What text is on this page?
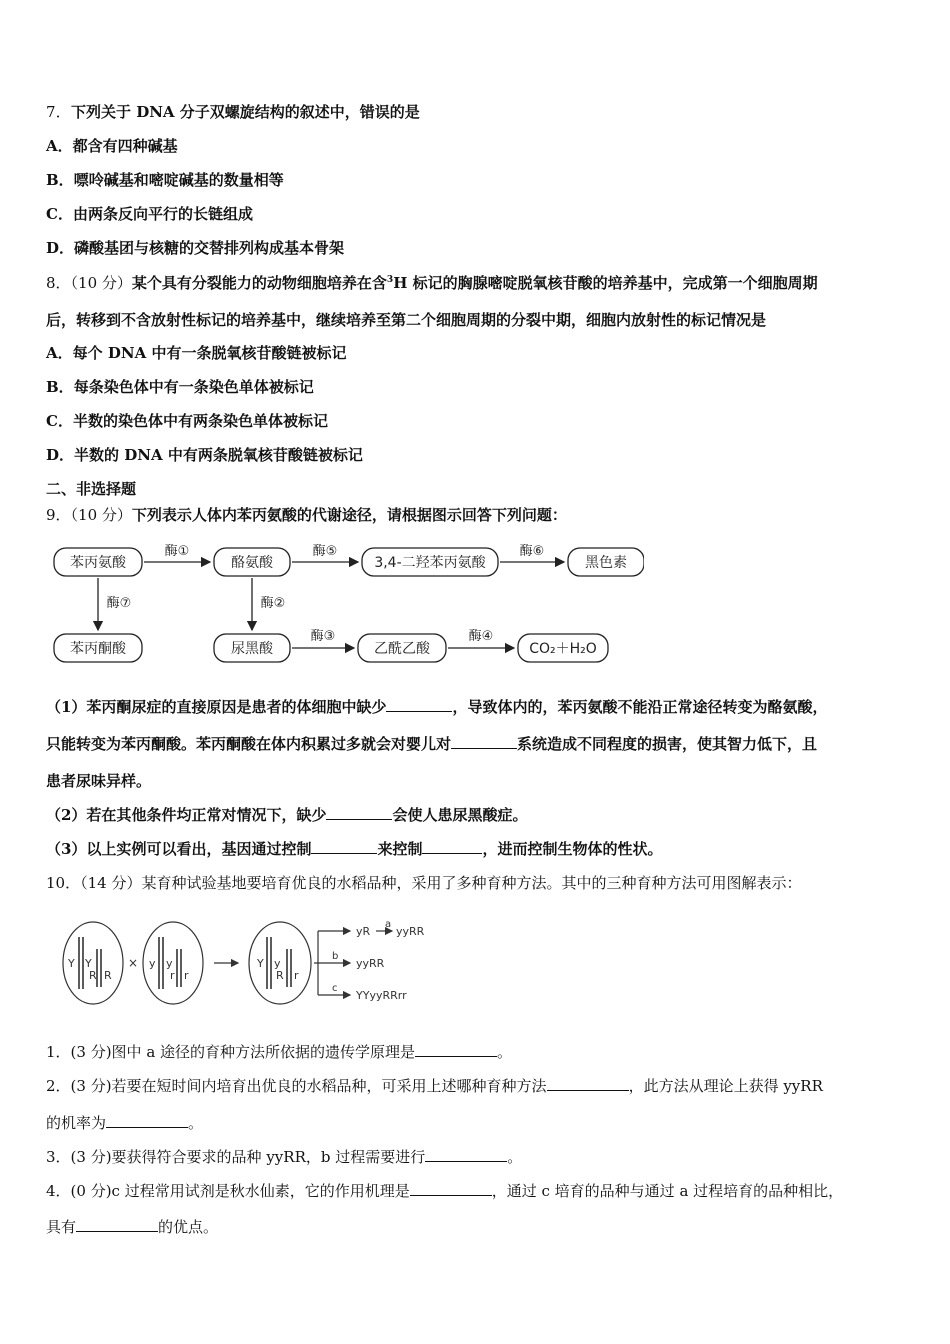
7．下列关于 DNA 分子双螺旋结构的叙述中，错误的是
A．都含有四种碱基
B．嘌呤碱基和嘧啶碱基的数量相等
C．由两条反向平行的长链组成
D．磷酸基团与核糖的交替排列构成基本骨架
8．（10 分）某个具有分裂能力的动物细胞培养在含$^3$H 标记的胸腺嘧啶脱氧核苷酸的培养基中，完成第一个细胞周期
后，转移到不含放射性标记的培养基中，继续培养至第二个细胞周期的分裂中期，细胞内放射性的标记情况是
A．每个 DNA 中有一条脱氧核苷酸链被标记
B．每条染色体中有一条染色单体被标记
C．半数的染色体中有两条染色单体被标记
D．半数的 DNA 中有两条脱氧核苷酸链被标记
二、非选择题
9．（10 分）下列表示人体内苯丙氨酸的代谢途径，请根据图示回答下列问题：
苯丙氨酸	酪氨酸	3,4-二羟苯丙氨酸	黑色素
苯丙酮酸	尿黑酸	乙酰乙酸	CO₂＋H₂O
酶①	酶⑤	酶⑥
酶⑦	酶②
酶③	酶④
（1）苯丙酮尿症的直接原因是患者的体细胞中缺少	，导致体内的，苯丙氨酸不能沿正常途径转变为酪氨酸，
只能转变为苯丙酮酸。苯丙酮酸在体内积累过多就会对婴儿对	系统造成不同程度的损害，使其智力低下，且
患者尿味异样。
（2）若在其他条件均正常对情况下，缺少	会使人患尿黑酸症。
（3）以上实例可以看出，基因通过控制	来控制	，进而控制生物体的性状。
10．（14 分）某育种试验基地要培育优良的水稻品种，采用了多种育种方法。其中的三种育种方法可用图解表示：
Y Y
R R
y y
r r
Y y
R r
×
a
b
c
yR yyRR
yyRR
YYyyRRrr
1．(3 分)图中 a 途径的育种方法所依据的遗传学原理是	。
2．(3 分)若要在短时间内培育出优良的水稻品种，可采用上述哪种育种方法	，此方法从理论上获得 yyRR
的机率为	。
3．(3 分)要获得符合要求的品种 yyRR，b 过程需要进行	。
4．(0 分)c 过程常用试剂是秋水仙素，它的作用机理是	，通过 c 培育的品种与通过 a 过程培育的品种相比，
具有	的优点。
